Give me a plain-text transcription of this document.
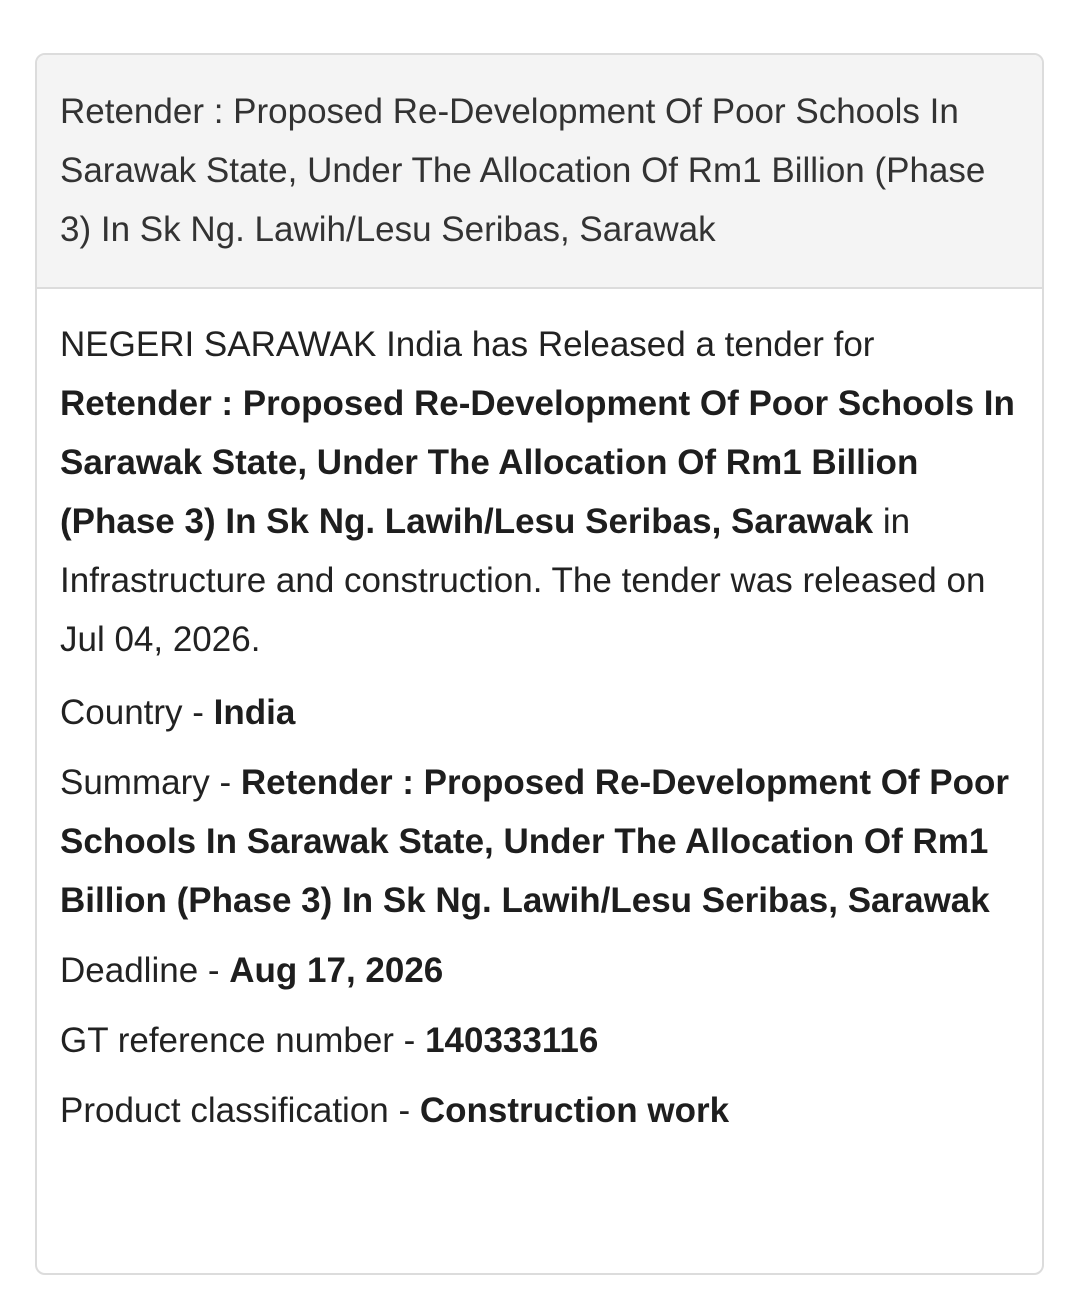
Retender : Proposed Re-Development Of Poor Schools In Sarawak State, Under The Allocation Of Rm1 Billion (Phase 3) In Sk Ng. Lawih/Lesu Seribas, Sarawak
NEGERI SARAWAK India has Released a tender for Retender : Proposed Re-Development Of Poor Schools In Sarawak State, Under The Allocation Of Rm1 Billion (Phase 3) In Sk Ng. Lawih/Lesu Seribas, Sarawak in Infrastructure and construction. The tender was released on Jul 04, 2026.
Country - India
Summary - Retender : Proposed Re-Development Of Poor Schools In Sarawak State, Under The Allocation Of Rm1 Billion (Phase 3) In Sk Ng. Lawih/Lesu Seribas, Sarawak
Deadline - Aug 17, 2026
GT reference number - 140333116
Product classification - Construction work
